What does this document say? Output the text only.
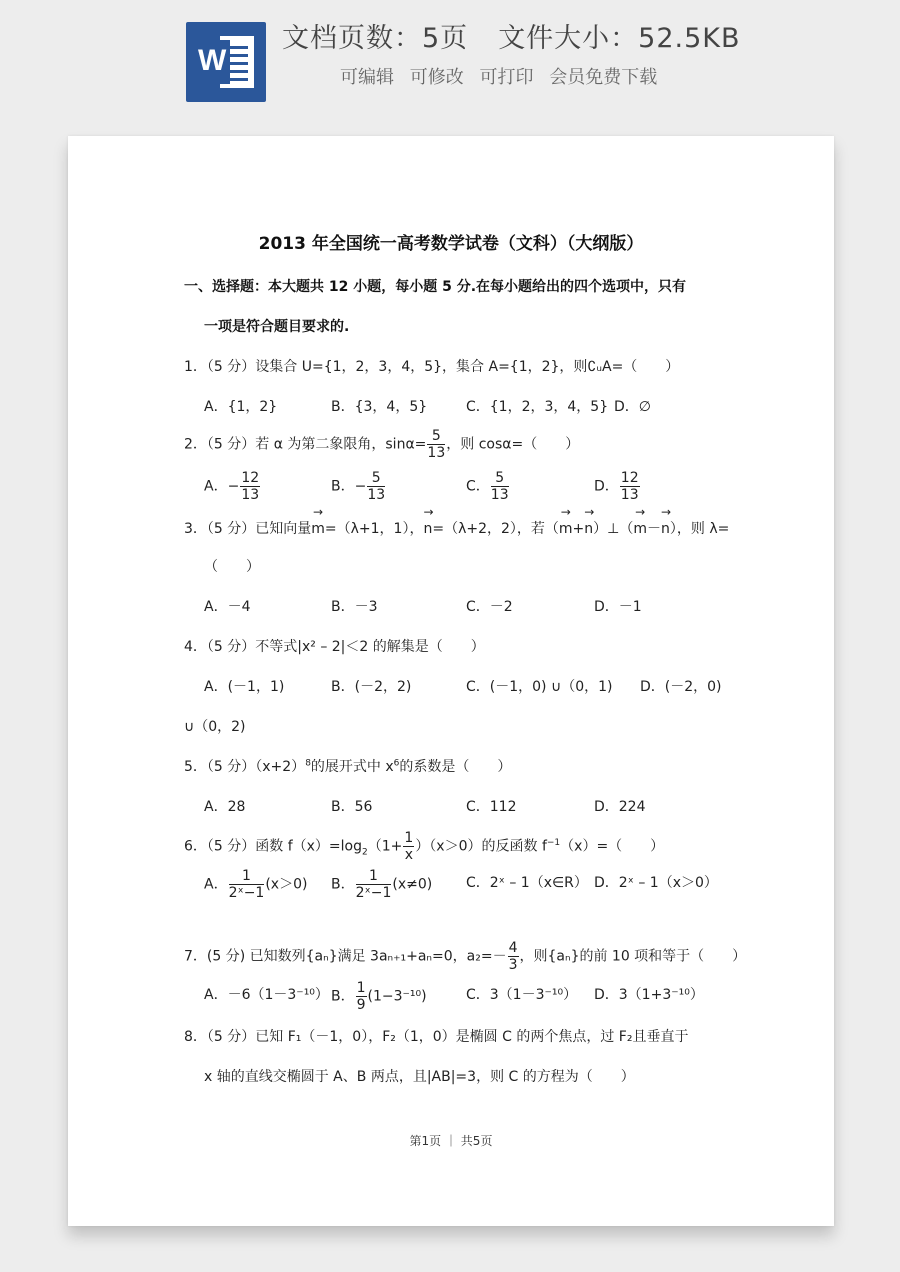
W
文档页数：5页 文件大小：52.5KB
可编辑 可修改 可打印 会员免费下载
2013 年全国统一高考数学试卷（文科）（大纲版）
一、选择题：本大题共 12 小题，每小题 5 分.在每小题给出的四个选项中，只有
一项是符合题目要求的.
1．（5 分）设集合 U={1，2，3，4，5}，集合 A={1，2}，则∁ᵤA=（　　）
A．{1，2}	B．{3，4，5}	C．{1，2，3，4，5} D．∅
2．（5 分）若 α 为第二象限角，$\sin\alpha= \frac{5}{13}$ ，则 cosα=（　　）
A．− $\frac{12}{13}$	B．− $\frac{5}{13}$	C． $\frac{5}{13}$	D． $\frac{12}{13}$
3．（5 分）已知向量→ m=（λ+1，1），→ n=（λ+2，2），若（→ m+→ n）⊥（→ m－→ n），则 λ=
（　　）
A．－4	B．－3	C．－2	D．－1
4．（5 分）不等式|x² – 2|＜2 的解集是（　　）
A．(－1，1)	B．(－2，2)	C．(－1，0) ∪（0，1) D．(－2，0)
∪（0，2)
5．（5 分）$(x+2)^8$的展开式中 $x^6$的系数是（　　）
A．28	B．56	C．112	D．224
6．（5 分）函数 $f(x)=\log_2(1+ \frac{1}{x} )(x>0)$的反函数 $f^{-1}(x)=$（　　）
A． $\frac{1}{\text{2ˣ−1}} (x>0)$ B． $\frac{1}{\text{2ˣ−1}} (x\ne 0)$ C．2ˣ – 1（x∈R） D．2ˣ – 1（x＞0）
7．(5 分) 已知数列{aₙ}满足 3aₙ₊₁+aₙ=0，$a_2=- \frac{4}{3}$ ，则{aₙ}的前 10 项和等于（　　）
A．－6（1－3⁻¹⁰） B． $\frac{1}{9} (1-3^{-10})$	C．3（1－3⁻¹⁰） D．3（1+3⁻¹⁰）
8．（5 分）已知 F₁（－1，0），F₂（1，0）是椭圆 C 的两个焦点，过 F₂且垂直于
x 轴的直线交椭圆于 A、B 两点，且|AB|=3，则 C 的方程为（　　）
第1页 ｜ 共5页
